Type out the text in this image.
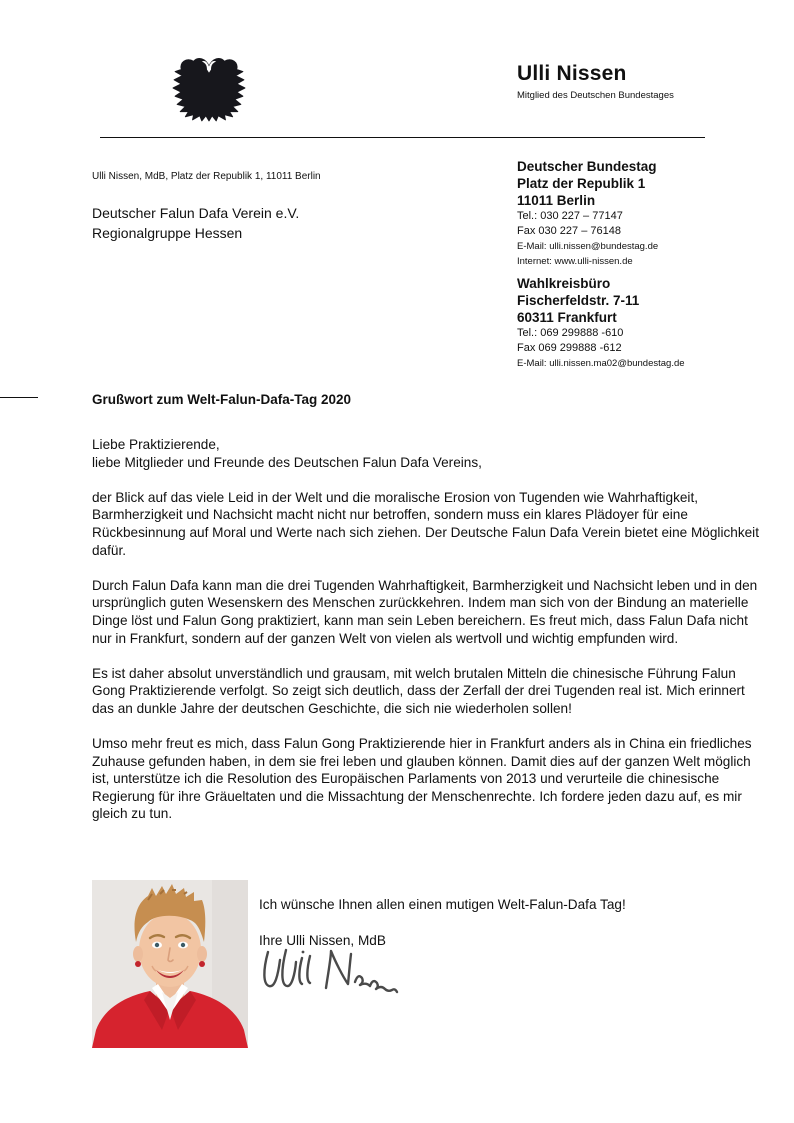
Ulli Nissen
Mitglied des Deutschen Bundestages
Ulli Nissen, MdB, Platz der Republik 1, 11011 Berlin
Deutscher Falun Dafa Verein e.V.
Regionalgruppe Hessen
Deutscher Bundestag
Platz der Republik 1
11011 Berlin
Tel.: 030 227 – 77147
Fax 030 227 – 76148
E-Mail: ulli.nissen@bundestag.de
Internet: www.ulli-nissen.de
Wahlkreisbüro
Fischerfeldstr. 7-11
60311 Frankfurt
Tel.: 069 299888 -610
Fax 069 299888 -612
E-Mail: ulli.nissen.ma02@bundestag.de
Grußwort zum Welt-Falun-Dafa-Tag 2020

Liebe Praktizierende,
liebe Mitglieder und Freunde des Deutschen Falun Dafa Vereins,

der Blick auf das viele Leid in der Welt und die moralische Erosion von Tugenden wie Wahrhaftigkeit, Barmherzigkeit und Nachsicht macht nicht nur betroffen, sondern muss ein klares Plädoyer für eine Rückbesinnung auf Moral und Werte nach sich ziehen. Der Deutsche Falun Dafa Verein bietet eine Möglichkeit dafür.

Durch Falun Dafa kann man die drei Tugenden Wahrhaftigkeit, Barmherzigkeit und Nachsicht leben und in den ursprünglich guten Wesenskern des Menschen zurückkehren. Indem man sich von der Bindung an materielle Dinge löst und Falun Gong praktiziert, kann man sein Leben bereichern. Es freut mich, dass Falun Dafa nicht nur in Frankfurt, sondern auf der ganzen Welt von vielen als wertvoll und wichtig empfunden wird.

Es ist daher absolut unverständlich und grausam, mit welch brutalen Mitteln die chinesische Führung Falun Gong Praktizierende verfolgt. So zeigt sich deutlich, dass der Zerfall der drei Tugenden real ist. Mich erinnert das an dunkle Jahre der deutschen Geschichte, die sich nie wiederholen sollen!

Umso mehr freut es mich, dass Falun Gong Praktizierende hier in Frankfurt anders als in China ein friedliches Zuhause gefunden haben, in dem sie frei leben und glauben können. Damit dies auf der ganzen Welt möglich ist, unterstütze ich die Resolution des Europäischen Parlaments von 2013 und verurteile die chinesische Regierung für ihre Gräueltaten und die Missachtung der Menschenrechte. Ich fordere jeden dazu auf, es mir gleich zu tun.

Ich wünsche Ihnen allen einen mutigen Welt-Falun-Dafa Tag!

Ihre Ulli Nissen, MdB
